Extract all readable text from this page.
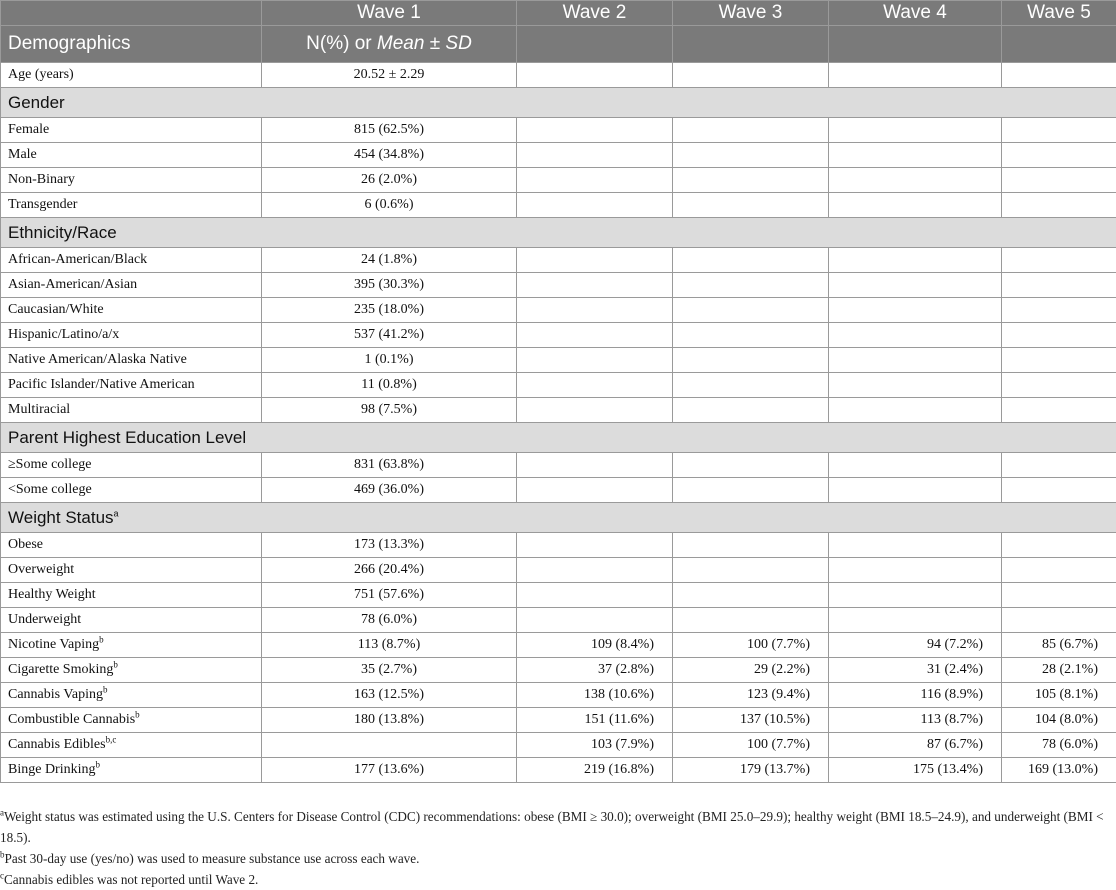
	Wave 1	Wave 2	Wave 3	Wave 4	Wave 5
Demographics	N(%) or Mean ± SD				
Age (years)	20.52 ± 2.29				
Gender					
Female	815 (62.5%)				
Male	454 (34.8%)				
Non-Binary	26 (2.0%)				
Transgender	6 (0.6%)				
Ethnicity/Race					
African-American/Black	24 (1.8%)				
Asian-American/Asian	395 (30.3%)				
Caucasian/White	235 (18.0%)				
Hispanic/Latino/a/x	537 (41.2%)				
Native American/Alaska Native	1 (0.1%)				
Pacific Islander/Native American	11 (0.8%)				
Multiracial	98 (7.5%)				
Parent Highest Education Level					
≥Some college	831 (63.8%)				
<Some college	469 (36.0%)				
Weight Status$^a$
Obese	173 (13.3%)				
Overweight	266 (20.4%)				
Healthy Weight	751 (57.6%)				
Underweight	78 (6.0%)				
Nicotine Vaping$^b$	113 (8.7%)	109 (8.4%)	100 (7.7%)	94 (7.2%)	85 (6.7%)
Cigarette Smoking$^b$	35 (2.7%)	37 (2.8%)	29 (2.2%)	31 (2.4%)	28 (2.1%)
Cannabis Vaping$^b$	163 (12.5%)	138 (10.6%)	123 (9.4%)	116 (8.9%)	105 (8.1%)
Combustible Cannabis$^b$	180 (13.8%)	151 (11.6%)	137 (10.5%)	113 (8.7%)	104 (8.0%)
Cannabis Edibles$^{b,c}$		103 (7.9%)	100 (7.7%)	87 (6.7%)	78 (6.0%)
Binge Drinking$^b$	177 (13.6%)	219 (16.8%)	179 (13.7%)	175 (13.4%)	169 (13.0%)

$^a$Weight status was estimated using the U.S. Centers for Disease Control (CDC) recommendations: obese (BMI ≥ 30.0); overweight (BMI 25.0–29.9); healthy weight (BMI 18.5–24.9), and underweight (BMI < 18.5).

$^b$Past 30-day use (yes/no) was used to measure substance use across each wave.

$^c$Cannabis edibles was not reported until Wave 2.
